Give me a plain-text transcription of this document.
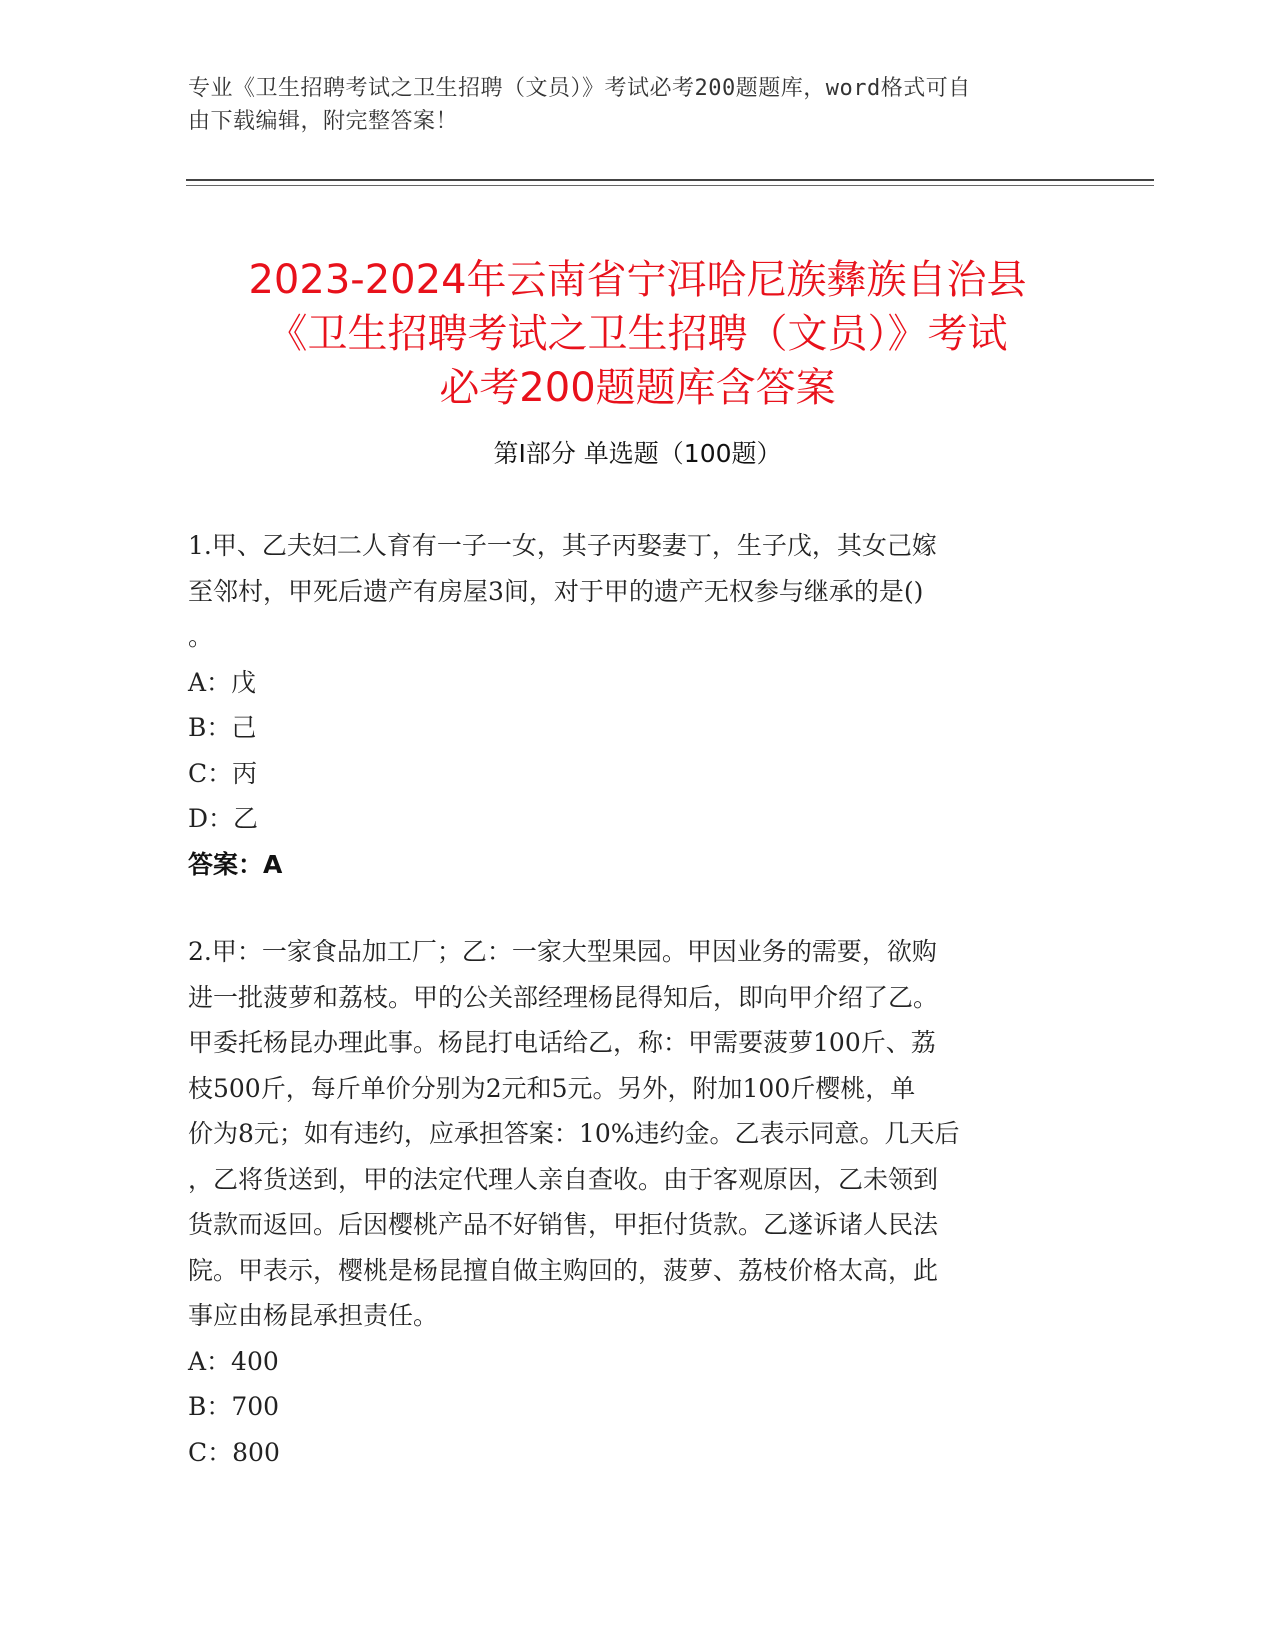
专业《卫生招聘考试之卫生招聘（文员）》考试必考200题题库，word格式可自
由下载编辑，附完整答案！
2023-2024年云南省宁洱哈尼族彝族自治县
《卫生招聘考试之卫生招聘（文员）》考试
必考200题题库含答案
第Ⅰ部分 单选题（100题）
1.甲、乙夫妇二人育有一子一女，其子丙娶妻丁，生子戊，其女己嫁
至邻村，甲死后遗产有房屋3间，对于甲的遗产无权参与继承的是()
。
A：戊
B：己
C：丙
D：乙
答案：A
2.甲：一家食品加工厂；乙：一家大型果园。甲因业务的需要，欲购
进一批菠萝和荔枝。甲的公关部经理杨昆得知后，即向甲介绍了乙。
甲委托杨昆办理此事。杨昆打电话给乙，称：甲需要菠萝100斤、荔
枝500斤，每斤单价分别为2元和5元。另外，附加100斤樱桃，单
价为8元；如有违约，应承担答案：10%违约金。乙表示同意。几天后
，乙将货送到，甲的法定代理人亲自查收。由于客观原因，乙未领到
货款而返回。后因樱桃产品不好销售，甲拒付货款。乙遂诉诸人民法
院。甲表示，樱桃是杨昆擅自做主购回的，菠萝、荔枝价格太高，此
事应由杨昆承担责任。
A：400
B：700
C：800
